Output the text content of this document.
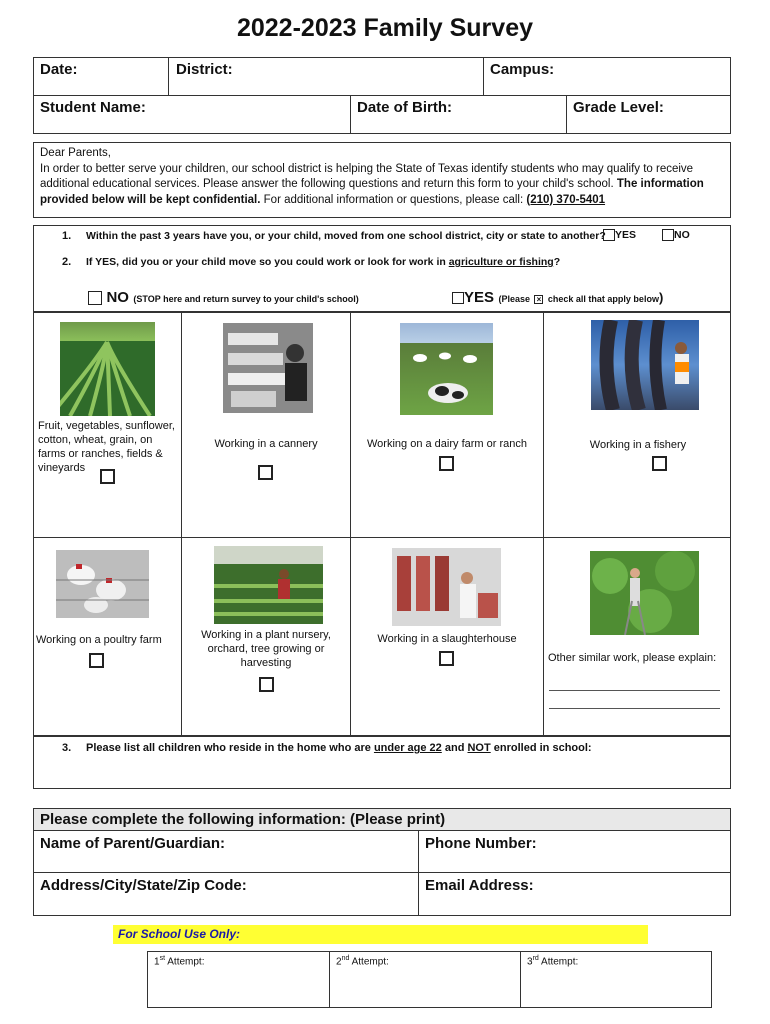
2022-2023 Family Survey
Date:	District:	Campus:
Student Name:	Date of Birth:	Grade Level:
Dear Parents,
In order to better serve your children, our school district is helping the State of Texas identify students who may qualify to receive
additional educational services. Please answer the following questions and return this form to your child's school. The information
provided below will be kept confidential. For additional information or questions, please call: (210) 370-5401
1. Within the past 3 years have you, or your child, moved from one school district, city or state to another? YES	NO
2. If YES, did you or your child move so you could work or look for work in agriculture or fishing?
NO (STOP here and return survey to your child's school)	YES (Please × check all that apply below)
Fruit, vegetables, sunflower, cotton, wheat, grain, on farms or ranches, fields & vineyards
Working in a cannery	Working on a dairy farm or ranch	Working in a fishery
Working on a poultry farm	Working in a plant nursery, orchard, tree growing or harvesting
Working in a slaughterhouse
Other similar work, please explain:
3. Please list all children who reside in the home who are under age 22 and NOT enrolled in school:
Please complete the following information: (Please print)
Name of Parent/Guardian:	Phone Number:
Address/City/State/Zip Code:	Email Address:
For School Use Only:
1st Attempt:	2nd Attempt:	3rd Attempt:
